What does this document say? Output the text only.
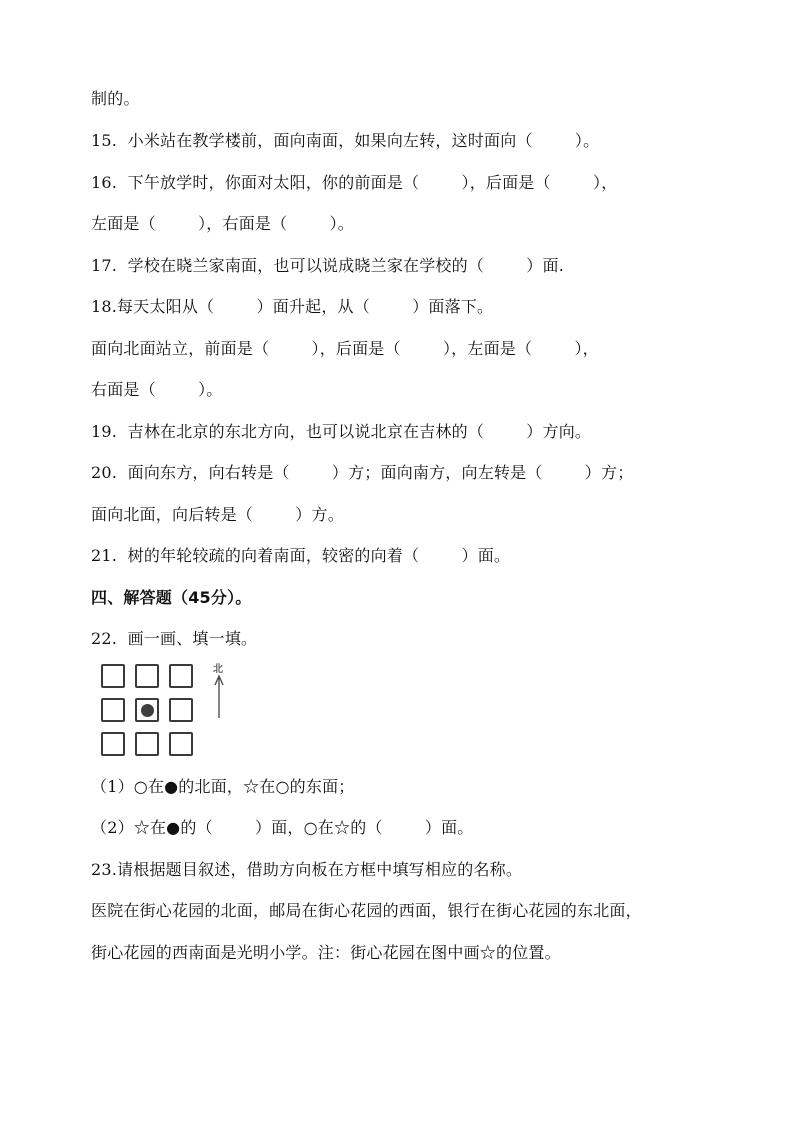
制的。
15.  小米站在教学楼前，面向南面，如果向左转，这时面向（        ）。
16.  下午放学时，你面对太阳，你的前面是（        ），后面是（        ），
左面是（        ），右面是（        ）。
17.  学校在晓兰家南面，也可以说成晓兰家在学校的（        ）面.
18.每天太阳从（        ）面升起，从（        ）面落下。
面向北面站立，前面是（        ），后面是（        ），左面是（        ），
右面是（        ）。
19.  吉林在北京的东北方向，也可以说北京在吉林的（        ）方向。
20.  面向东方，向右转是（        ）方；面向南方，向左转是（        ）方；
面向北面，向后转是（        ）方。
21.  树的年轮较疏的向着南面，较密的向着（        ）面。
四、解答题（45分）。
22.  画一画、填一填。
北
（1）○在●的北面，☆在○的东面；
（2）☆在●的（        ）面，○在☆的（        ）面。
23.请根据题目叙述，借助方向板在方框中填写相应的名称。
医院在街心花园的北面，邮局在街心花园的西面，银行在街心花园的东北面，
街心花园的西南面是光明小学。注：街心花园在图中画☆的位置。
